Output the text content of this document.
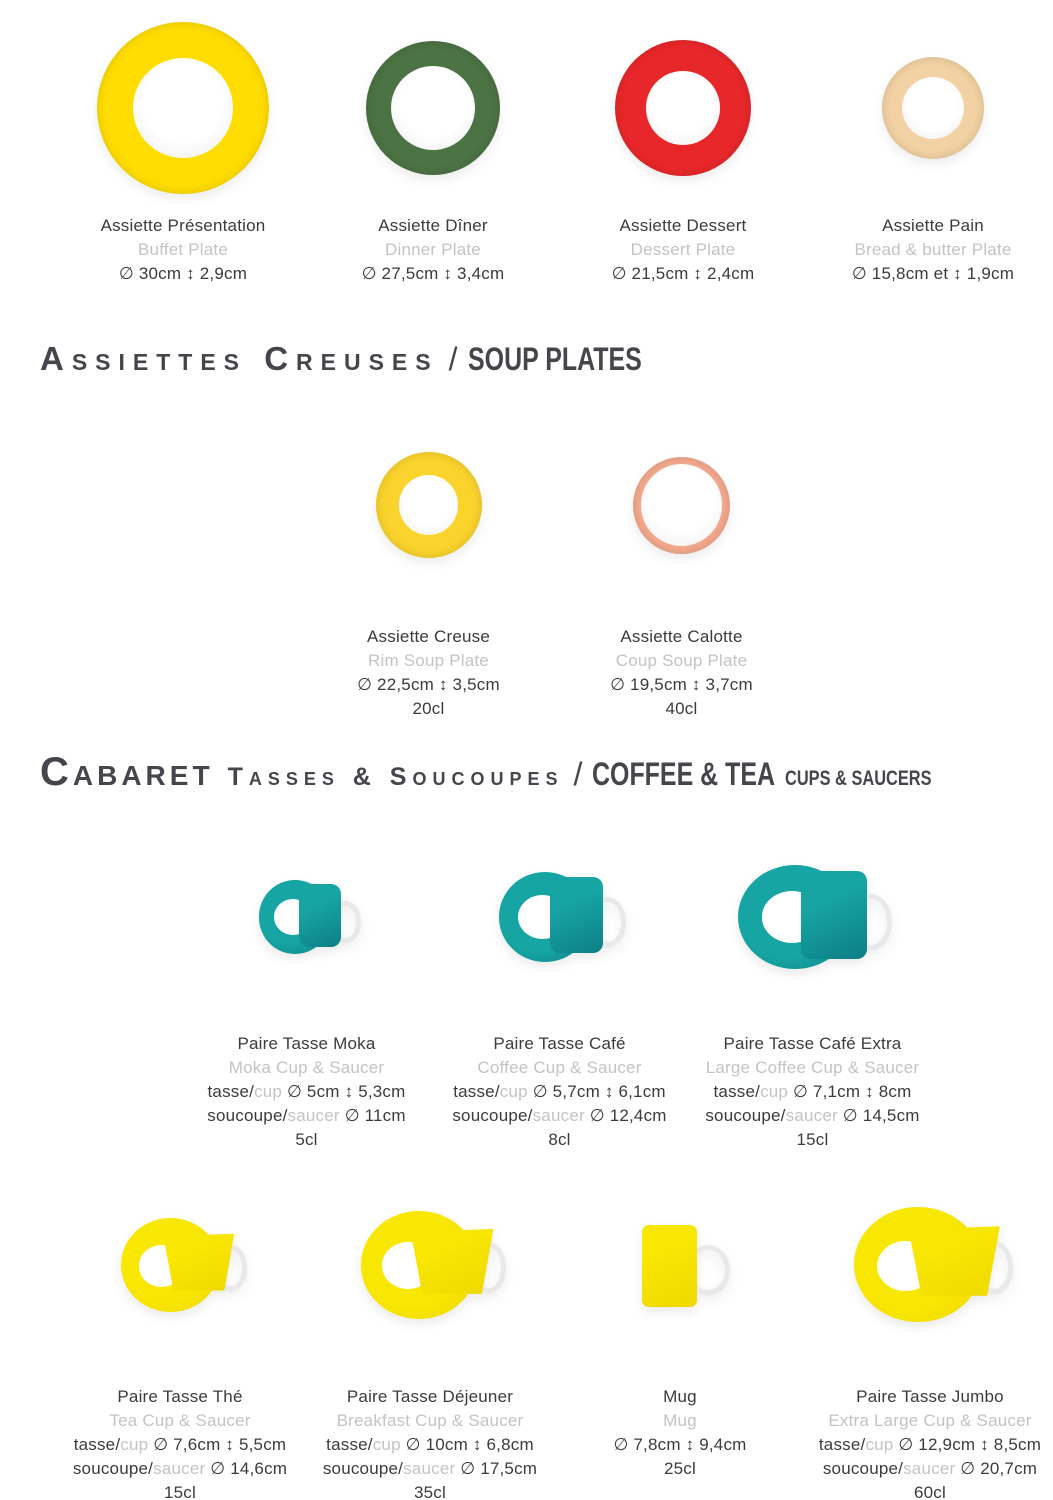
Assiette Présentation
Buffet Plate
∅ 30cm ↕ 2,9cm
Assiette Dîner
Dinner Plate
∅ 27,5cm ↕ 3,4cm
Assiette Dessert
Dessert Plate
∅ 21,5cm ↕ 2,4cm
Assiette Pain
Bread & butter Plate
∅ 15,8cm et ↕ 1,9cm
Assiettes Creuses / SOUP PLATES
Assiette Creuse
Rim Soup Plate
∅ 22,5cm ↕ 3,5cm
20cl
Assiette Calotte
Coup Soup Plate
∅ 19,5cm ↕ 3,7cm
40cl
Cabaret Tasses & Soucoupes / COFFEE & TEA CUPS & SAUCERS
Paire Tasse Moka
Moka Cup & Saucer
tasse/cup ∅ 5cm ↕ 5,3cm
soucoupe/saucer ∅ 11cm
5cl
Paire Tasse Café
Coffee Cup & Saucer
tasse/cup ∅ 5,7cm ↕ 6,1cm
soucoupe/saucer ∅ 12,4cm
8cl
Paire Tasse Café Extra
Large Coffee Cup & Saucer
tasse/cup ∅ 7,1cm ↕ 8cm
soucoupe/saucer ∅ 14,5cm
15cl
Paire Tasse Thé
Tea Cup & Saucer
tasse/cup ∅ 7,6cm ↕ 5,5cm
soucoupe/saucer ∅ 14,6cm
15cl
Paire Tasse Déjeuner
Breakfast Cup & Saucer
tasse/cup ∅ 10cm ↕ 6,8cm
soucoupe/saucer ∅ 17,5cm
35cl
Mug
Mug
∅ 7,8cm ↕ 9,4cm
25cl
Paire Tasse Jumbo
Extra Large Cup & Saucer
tasse/cup ∅ 12,9cm ↕ 8,5cm
soucoupe/saucer ∅ 20,7cm
60cl
